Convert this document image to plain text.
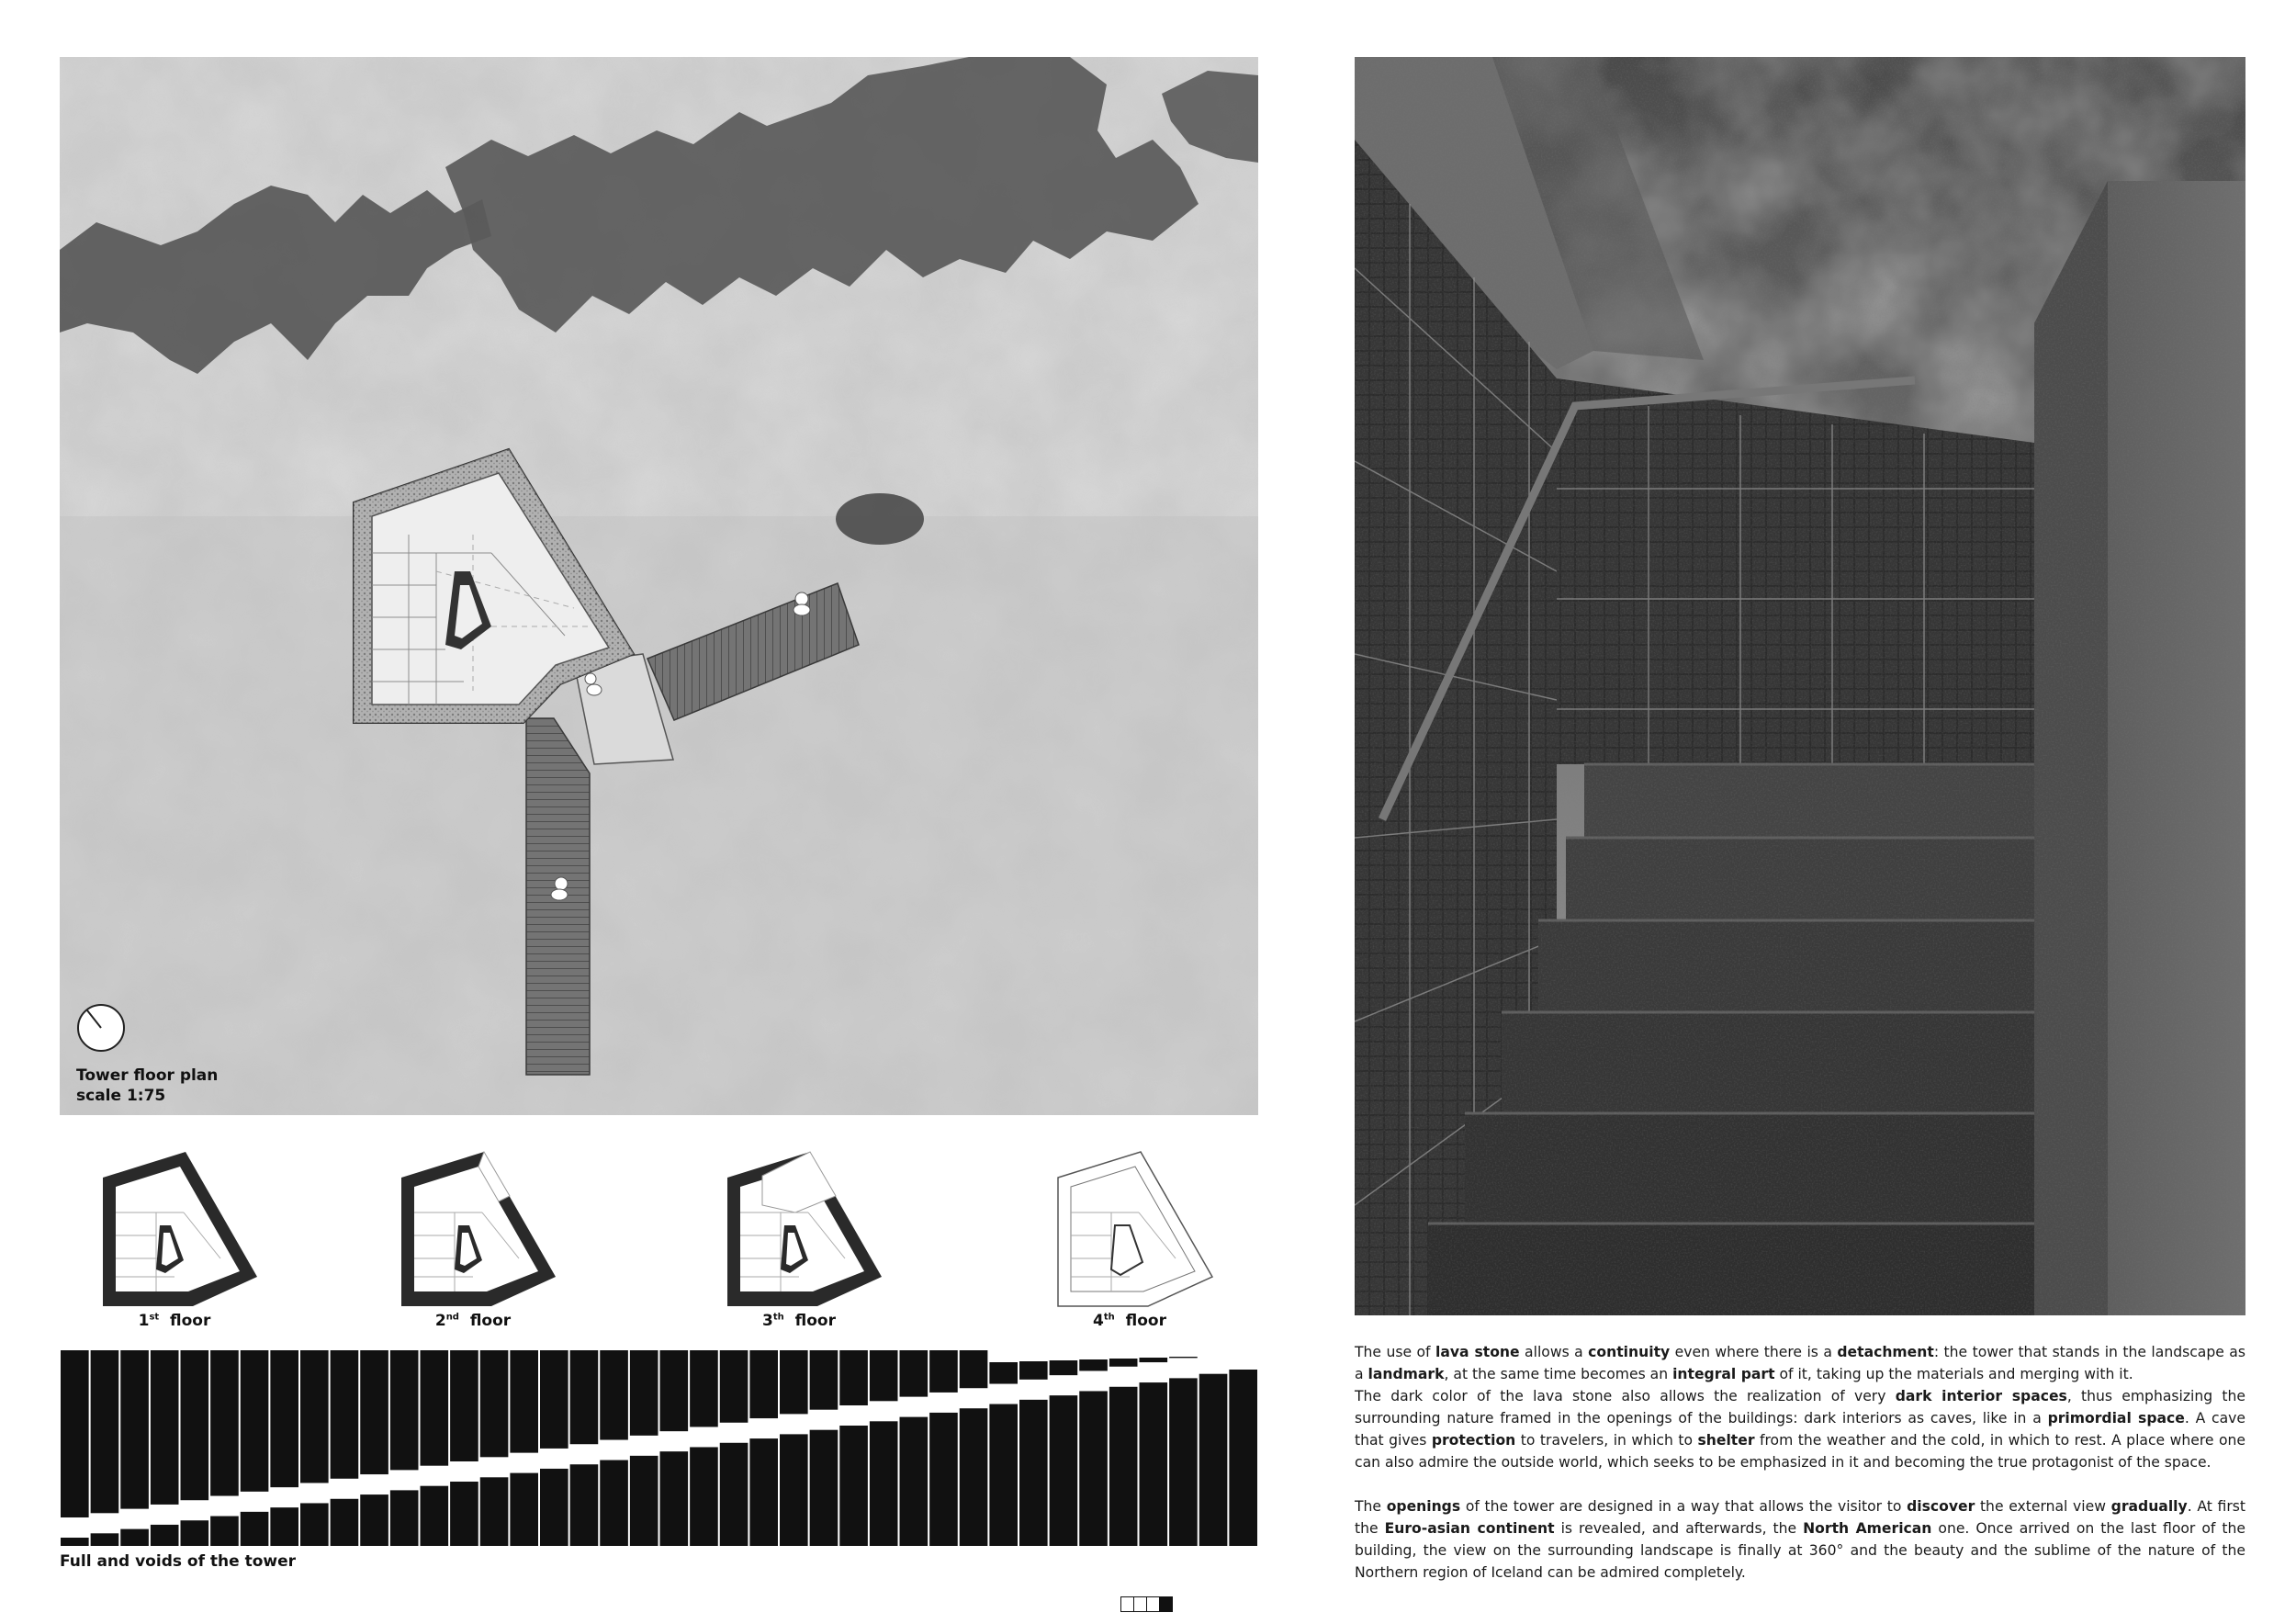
Tower floor plan
scale 1:75
1st floor	2nd floor	3th floor	4th floor
Full and voids of the tower

The use of lava stone allows a continuity even where there is a detachment: the tower that stands in the landscape as a landmark, at the same time becomes an integral part of it, taking up the materials and merging with it.

The dark color of the lava stone also allows the realization of very dark interior spaces, thus emphasizing the surrounding nature framed in the openings of the buildings: dark interiors as caves, like in a primordial space. A cave that gives protection to travelers, in which to shelter from the weather and the cold, in which to rest. A place where one can also admire the outside world, which seeks to be emphasized in it and becoming the true protagonist of the space.

The openings of the tower are designed in a way that allows the visitor to discover the external view gradually. At first the Euro-asian continent is revealed, and afterwards, the North American one. Once arrived on the last floor of the building, the view on the surrounding landscape is finally at 360° and the beauty and the sublime of the nature of the Northern region of Iceland can be admired completely.
